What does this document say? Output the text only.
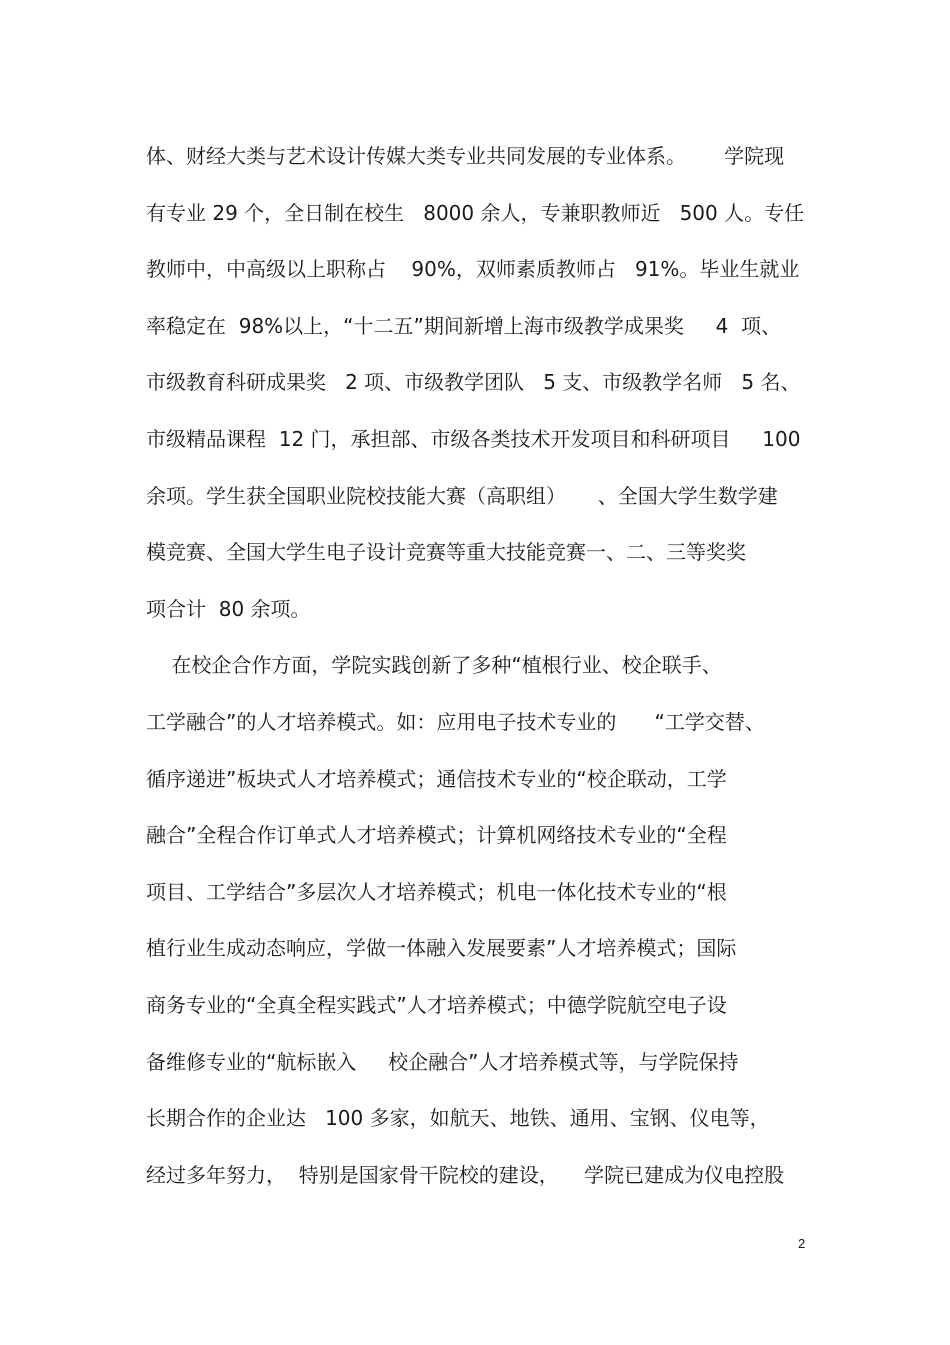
体、财经大类与艺术设计传媒大类专业共同发展的专业体系。      学院现
有专业 29 个，全日制在校生   8000 余人，专兼职教师近   500 人。专任
教师中，中高级以上职称占    90%，双师素质教师占   91%。毕业生就业
率稳定在  98%以上，“十二五”期间新增上海市级教学成果奖     4  项、
市级教育科研成果奖   2 项、市级教学团队   5 支、市级教学名师   5 名、
市级精品课程  12 门，承担部、市级各类技术开发项目和科研项目     100
余项。学生获全国职业院校技能大赛（高职组）     、全国大学生数学建
模竞赛、全国大学生电子设计竞赛等重大技能竞赛一、二、三等奖奖
项合计  80 余项。
在校企合作方面，学院实践创新了多种“植根行业、校企联手、
工学融合”的人才培养模式。如：应用电子技术专业的      “工学交替、
循序递进”板块式人才培养模式；通信技术专业的“校企联动，工学
融合”全程合作订单式人才培养模式；计算机网络技术专业的“全程
项目、工学结合”多层次人才培养模式；机电一体化技术专业的“根
植行业生成动态响应，学做一体融入发展要素”人才培养模式；国际
商务专业的“全真全程实践式”人才培养模式；中德学院航空电子设
备维修专业的“航标嵌入     校企融合”人才培养模式等，与学院保持
长期合作的企业达   100 多家，如航天、地铁、通用、宝钢、仪电等，
经过多年努力，  特别是国家骨干院校的建设，    学院已建成为仪电控股
2
